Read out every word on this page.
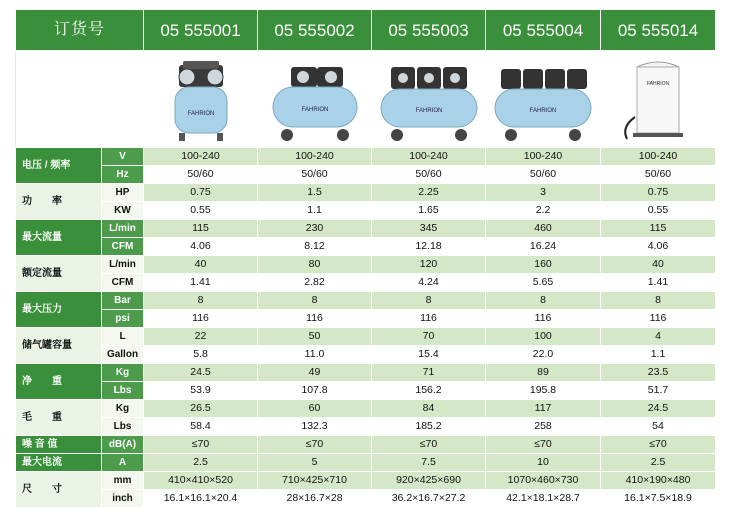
订货号		05 555001	05 555002	05 555003	05 555004	05 555014

FAHRION	FAHRION	FAHRION	FAHRION	FAHRION

电压 / 频率	V	100-240	100-240	100-240	100-240	100-240
	Hz	50/60	50/60	50/60	50/60	50/60
功　　率	HP	0.75	1.5	2.25	3	0.75
	KW	0.55	1.1	1.65	2.2	0.55
最大流量	L/min	115	230	345	460	115
	CFM	4.06	8.12	12.18	16.24	4.06
额定流量	L/min	40	80	120	160	40
	CFM	1.41	2.82	4.24	5.65	1.41
最大压力	Bar	8	8	8	8	8
	psi	116	116	116	116	116
储气罐容量	L	22	50	70	100	4
	Gallon	5.8	11.0	15.4	22.0	1.1
净　　重	Kg	24.5	49	71	89	23.5
	Lbs	53.9	107.8	156.2	195.8	51.7
毛　　重	Kg	26.5	60	84	117	24.5
	Lbs	58.4	132.3	185.2	258	54
噪 音 值	dB(A)	≤70	≤70	≤70	≤70	≤70
最大电流	A	2.5	5	7.5	10	2.5
尺　　寸	mm	410×410×520	710×425×710	920×425×690	1070×460×730	410×190×480
	inch	16.1×16.1×20.4	28×16.7×28	36.2×16.7×27.2	42.1×18.1×28.7	16.1×7.5×18.9
